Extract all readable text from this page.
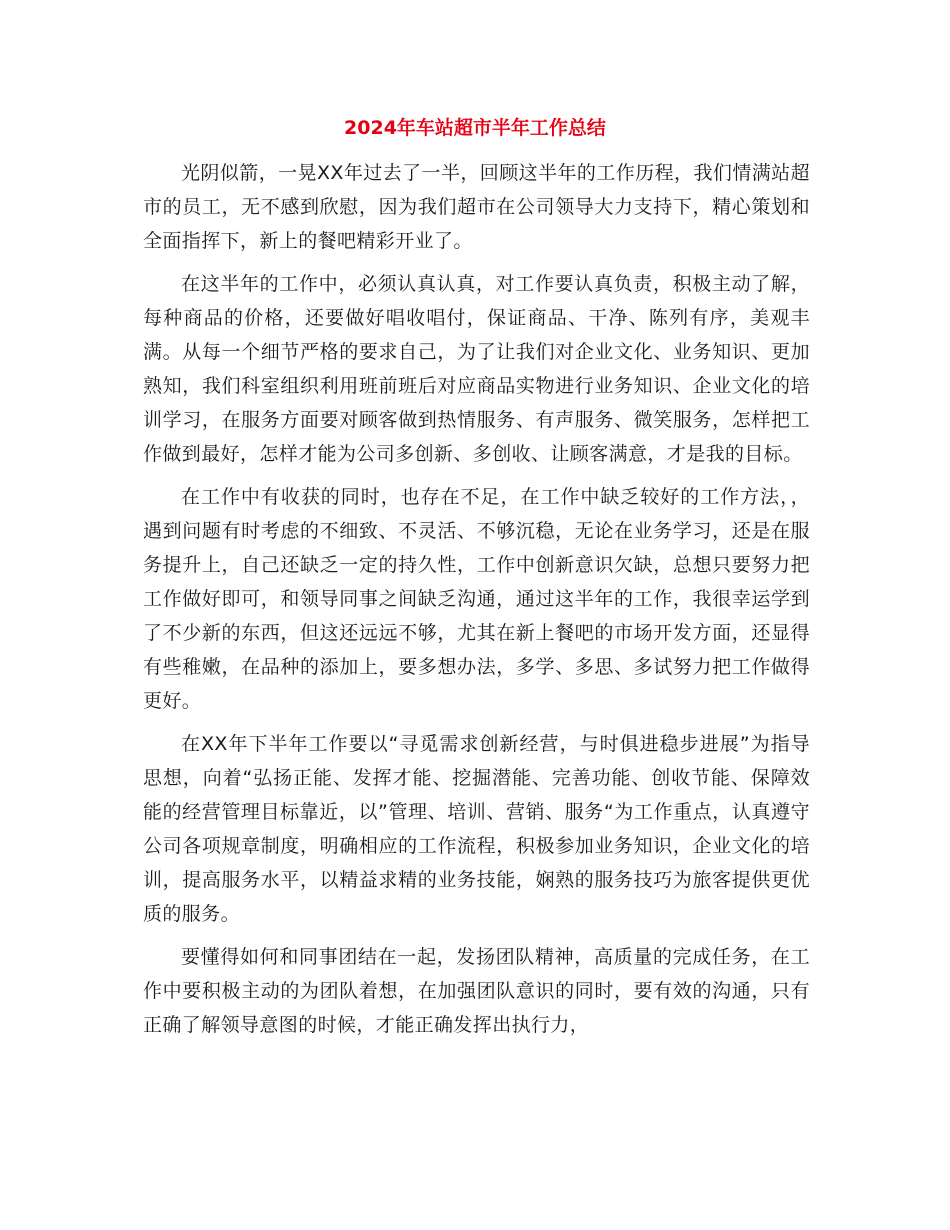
2024年车站超市半年工作总结

光阴似箭，一晃XX年过去了一半，回顾这半年的工作历程，我们情满站超市的员工，无不感到欣慰，因为我们超市在公司领导大力支持下，精心策划和全面指挥下，新上的餐吧精彩开业了。

在这半年的工作中，必须认真认真，对工作要认真负责，积极主动了解，每种商品的价格，还要做好唱收唱付，保证商品、干净、陈列有序，美观丰满。从每一个细节严格的要求自己，为了让我们对企业文化、业务知识、更加熟知，我们科室组织利用班前班后对应商品实物进行业务知识、企业文化的培训学习，在服务方面要对顾客做到热情服务、有声服务、微笑服务，怎样把工作做到最好，怎样才能为公司多创新、多创收、让顾客满意，才是我的目标。

在工作中有收获的同时，也存在不足，在工作中缺乏较好的工作方法，，遇到问题有时考虑的不细致、不灵活、不够沉稳，无论在业务学习，还是在服务提升上，自己还缺乏一定的持久性，工作中创新意识欠缺，总想只要努力把工作做好即可，和领导同事之间缺乏沟通，通过这半年的工作，我很幸运学到了不少新的东西，但这还远远不够，尤其在新上餐吧的市场开发方面，还显得有些稚嫩，在品种的添加上，要多想办法，多学、多思、多试努力把工作做得更好。

在XX年下半年工作要以“寻觅需求创新经营，与时俱进稳步进展”为指导思想，向着“弘扬正能、发挥才能、挖掘潜能、完善功能、创收节能、保障效能的经营管理目标靠近，以”管理、培训、营销、服务“为工作重点，认真遵守公司各项规章制度，明确相应的工作流程，积极参加业务知识，企业文化的培训，提高服务水平，以精益求精的业务技能，娴熟的服务技巧为旅客提供更优质的服务。

要懂得如何和同事团结在一起，发扬团队精神，高质量的完成任务，在工作中要积极主动的为团队着想，在加强团队意识的同时，要有效的沟通，只有正确了解领导意图的时候，才能正确发挥出执行力，
